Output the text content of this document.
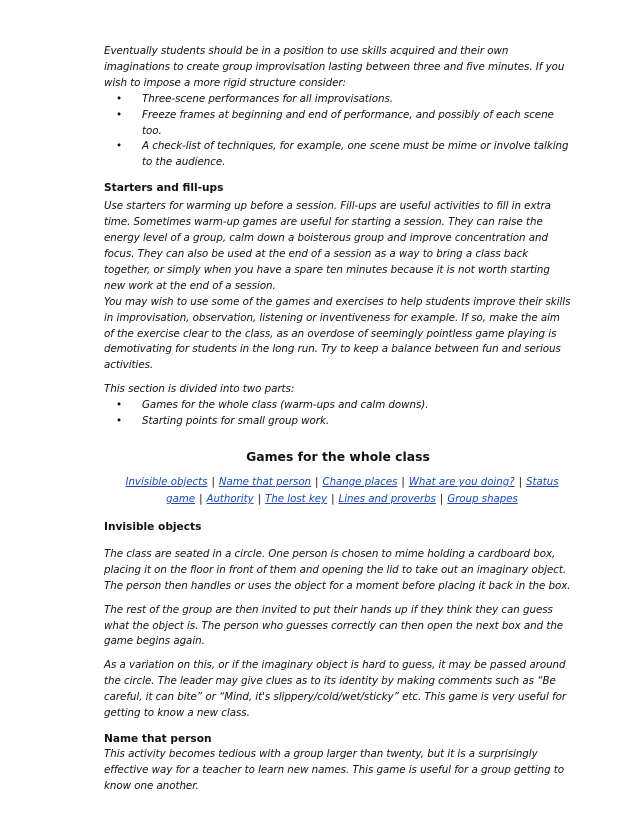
Eventually students should be in a position to use skills acquired and their own imaginations to create group improvisation lasting between three and five minutes. If you wish to impose a more rigid structure consider:

• Three-scene performances for all improvisations.
• Freeze frames at beginning and end of performance, and possibly of each scene too.
• A check-list of techniques, for example, one scene must be mime or involve talking to the audience.

Starters and fill-ups

Use starters for warming up before a session. Fill-ups are useful activities to fill in extra time. Sometimes warm-up games are useful for starting a session. They can raise the energy level of a group, calm down a boisterous group and improve concentration and focus. They can also be used at the end of a session as a way to bring a class back together, or simply when you have a spare ten minutes because it is not worth starting new work at the end of a session.

You may wish to use some of the games and exercises to help students improve their skills in improvisation, observation, listening or inventiveness for example. If so, make the aim of the exercise clear to the class, as an overdose of seemingly pointless game playing is demotivating for students in the long run. Try to keep a balance between fun and serious activities.

This section is divided into two parts:

• Games for the whole class (warm-ups and calm downs).
• Starting points for small group work.
Games for the whole class
Invisible objects | Name that person | Change places | What are you doing? | Status
game | Authority | The lost key | Lines and proverbs | Group shapes

Invisible objects

The class are seated in a circle. One person is chosen to mime holding a cardboard box, placing it on the floor in front of them and opening the lid to take out an imaginary object. The person then handles or uses the object for a moment before placing it back in the box.

The rest of the group are then invited to put their hands up if they think they can guess what the object is. The person who guesses correctly can then open the next box and the game begins again.

As a variation on this, or if the imaginary object is hard to guess, it may be passed around the circle. The leader may give clues as to its identity by making comments such as “Be careful, it can bite” or “Mind, it's slippery/cold/wet/sticky” etc. This game is very useful for getting to know a new class.

Name that person

This activity becomes tedious with a group larger than twenty, but it is a surprisingly effective way for a teacher to learn new names. This game is useful for a group getting to know one another.
